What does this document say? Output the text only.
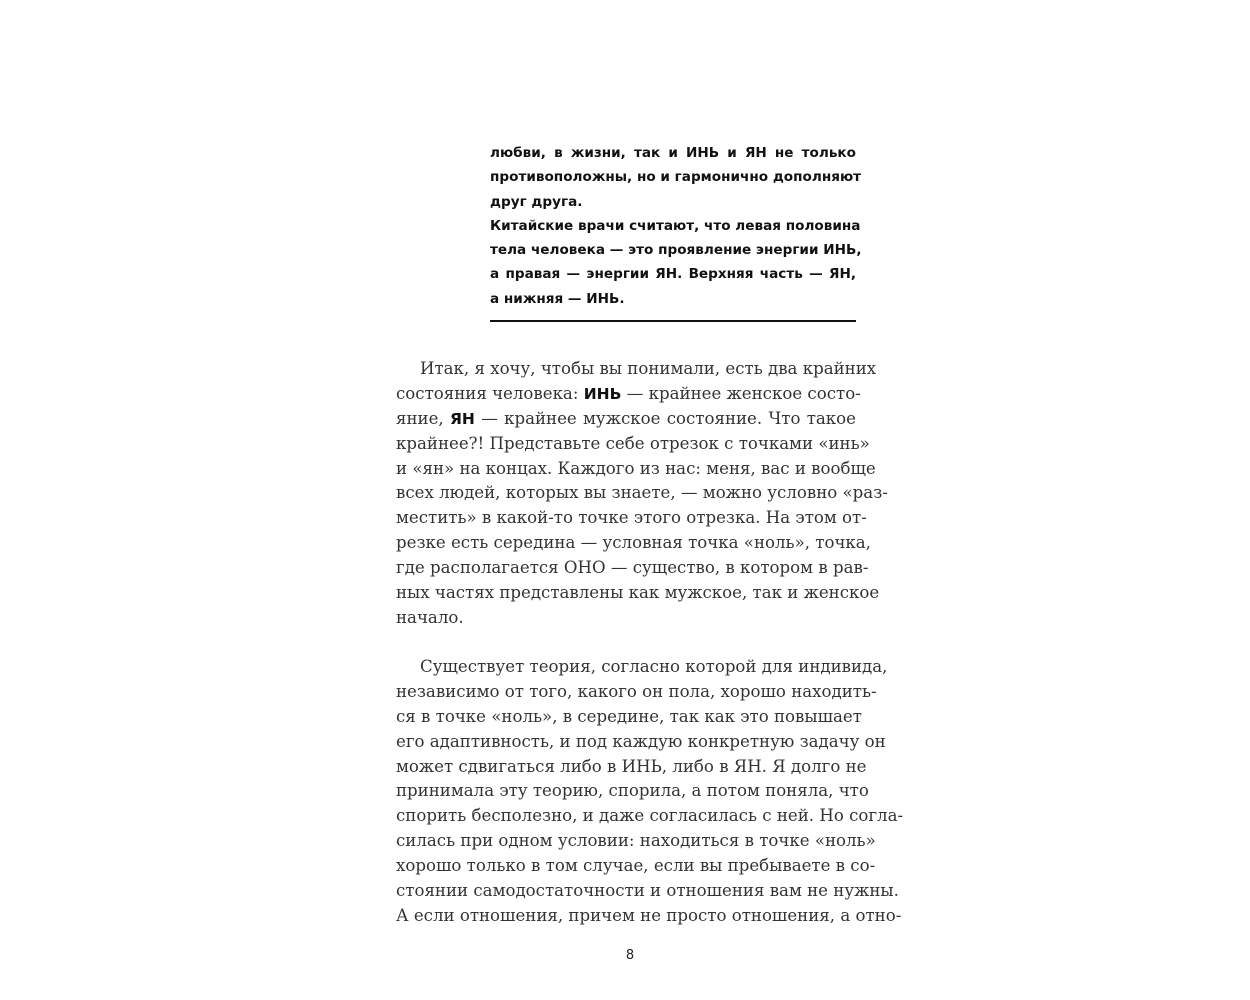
любви, в жизни, так и ИНЬ и ЯН не только
противоположны, но и гармонично дополняют
друг друга.
Китайские врачи считают, что левая половина
тела человека — это проявление энергии ИНЬ,
а правая — энергии ЯН. Верхняя часть — ЯН,
а нижняя — ИНЬ.
Итак, я хочу, чтобы вы понимали, есть два крайних
состояния человека: ИНЬ — крайнее женское состо-
яние, ЯН — крайнее мужское состояние. Что такое
крайнее?! Представьте себе отрезок с точками «инь»
и «ян» на концах. Каждого из нас: меня, вас и вообще
всех людей, которых вы знаете, — можно условно «раз-
местить» в какой-то точке этого отрезка. На этом от-
резке есть середина — условная точка «ноль», точка,
где располагается ОНО — существо, в котором в рав-
ных частях представлены как мужское, так и женское
начало.
Существует теория, согласно которой для индивида,
независимо от того, какого он пола, хорошо находить-
ся в точке «ноль», в середине, так как это повышает
его адаптивность, и под каждую конкретную задачу он
может сдвигаться либо в ИНЬ, либо в ЯН. Я долго не
принимала эту теорию, спорила, а потом поняла, что
спорить бесполезно, и даже согласилась с ней. Но согла-
силась при одном условии: находиться в точке «ноль»
хорошо только в том случае, если вы пребываете в со-
стоянии самодостаточности и отношения вам не нужны.
А если отношения, причем не просто отношения, а отно-
8
